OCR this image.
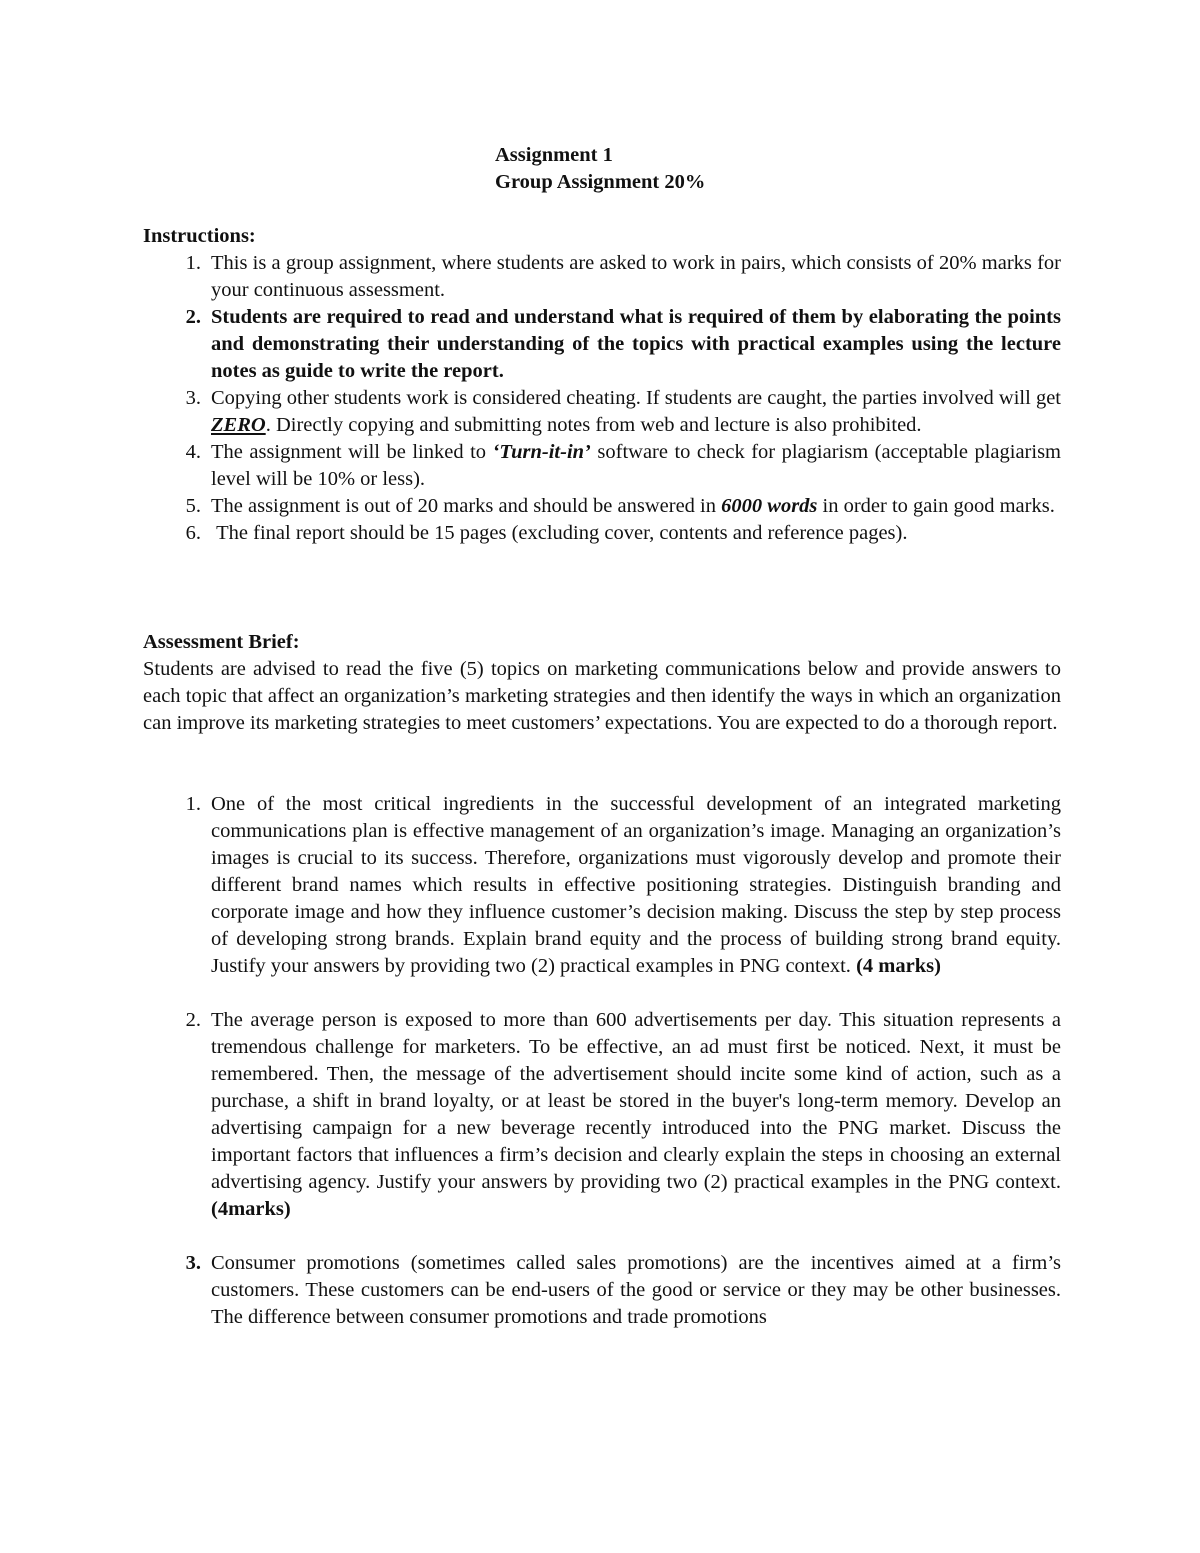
Assignment 1
Group Assignment 20%
Instructions:
1. This is a group assignment, where students are asked to work in pairs, which consists of 20% marks for your continuous assessment.
2. Students are required to read and understand what is required of them by elaborating the points and demonstrating their understanding of the topics with practical examples using the lecture notes as guide to write the report.
3. Copying other students work is considered cheating. If students are caught, the parties involved will get ZERO. Directly copying and submitting notes from web and lecture is also prohibited.
4. The assignment will be linked to ‘Turn-it-in’ software to check for plagiarism (acceptable plagiarism level will be 10% or less).
5. The assignment is out of 20 marks and should be answered in 6000 words in order to gain good marks.
6. The final report should be 15 pages (excluding cover, contents and reference pages).
Assessment Brief:
Students are advised to read the five (5) topics on marketing communications below and provide answers to each topic that affect an organization’s marketing strategies and then identify the ways in which an organization can improve its marketing strategies to meet customers’ expectations. You are expected to do a thorough report.
1. One of the most critical ingredients in the successful development of an integrated marketing communications plan is effective management of an organization’s image. Managing an organization’s images is crucial to its success. Therefore, organizations must vigorously develop and promote their different brand names which results in effective positioning strategies. Distinguish branding and corporate image and how they influence customer’s decision making. Discuss the step by step process of developing strong brands. Explain brand equity and the process of building strong brand equity. Justify your answers by providing two (2) practical examples in PNG context. (4 marks)
2. The average person is exposed to more than 600 advertisements per day. This situation represents a tremendous challenge for marketers. To be effective, an ad must first be noticed. Next, it must be remembered. Then, the message of the advertisement should incite some kind of action, such as a purchase, a shift in brand loyalty, or at least be stored in the buyer's long-term memory. Develop an advertising campaign for a new beverage recently introduced into the PNG market. Discuss the important factors that influences a firm’s decision and clearly explain the steps in choosing an external advertising agency. Justify your answers by providing two (2) practical examples in the PNG context. (4marks)
3. Consumer promotions (sometimes called sales promotions) are the incentives aimed at a firm’s customers. These customers can be end-users of the good or service or they may be other businesses. The difference between consumer promotions and trade promotions
